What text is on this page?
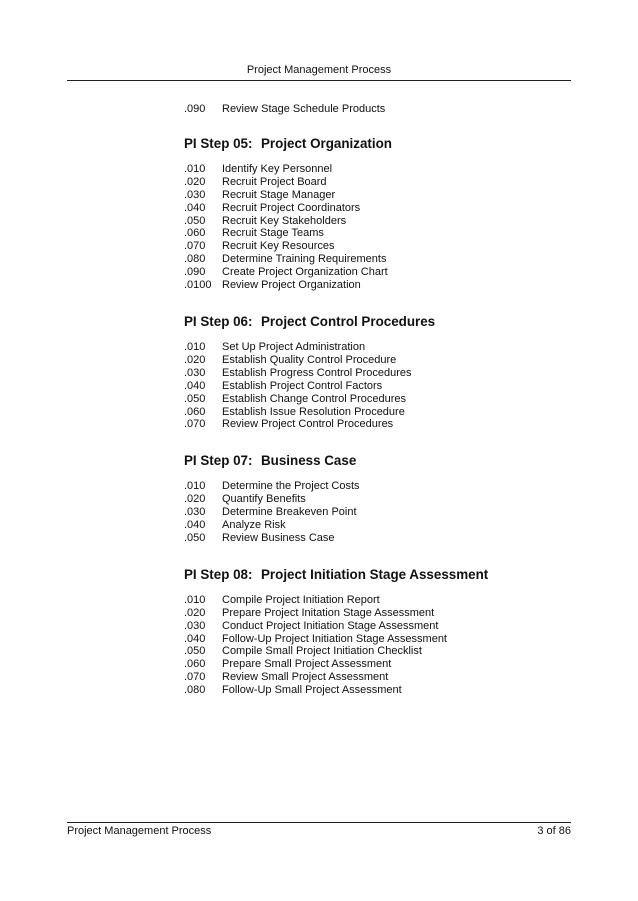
Project Management Process
.090	Review Stage Schedule Products
PI Step 05: Project Organization
.010	Identify Key Personnel
.020	Recruit Project Board
.030	Recruit Stage Manager
.040	Recruit Project Coordinators
.050	Recruit Key Stakeholders
.060	Recruit Stage Teams
.070	Recruit Key Resources
.080	Determine Training Requirements
.090	Create Project Organization Chart
.0100 Review Project Organization
PI Step 06: Project Control Procedures
.010	Set Up Project Administration
.020	Establish Quality Control Procedure
.030	Establish Progress Control Procedures
.040	Establish Project Control Factors
.050	Establish Change Control Procedures
.060	Establish Issue Resolution Procedure
.070	Review Project Control Procedures
PI Step 07: Business Case
.010	Determine the Project Costs
.020	Quantify Benefits
.030	Determine Breakeven Point
.040	Analyze Risk
.050	Review Business Case
PI Step 08: Project Initiation Stage Assessment
.010	Compile Project Initiation Report
.020	Prepare Project Initation Stage Assessment
.030	Conduct Project Initiation Stage Assessment
.040	Follow-Up Project Initiation Stage Assessment
.050	Compile Small Project Initiation Checklist
.060	Prepare Small Project Assessment
.070	Review Small Project Assessment
.080	Follow-Up Small Project Assessment
Project Management Process	3 of 86
